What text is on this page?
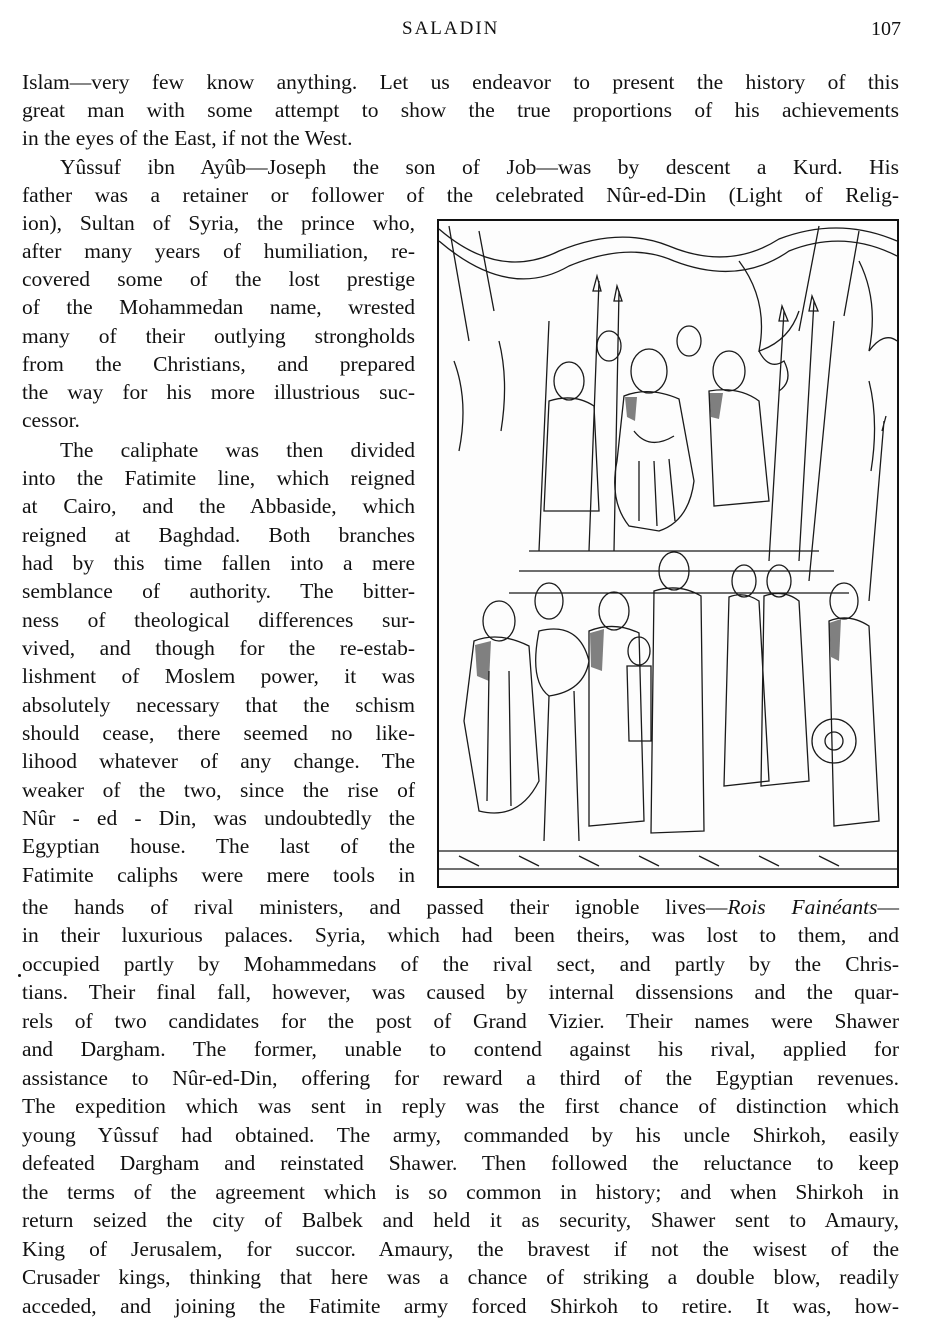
SALADIN	107
Islam—very few know anything. Let us endeavor to present the history of this
great man with some attempt to show the true proportions of his achievements
in the eyes of the East, if not the West.
Yûssuf ibn Ayûb—Joseph the son of Job—was by descent a Kurd. His
father was a retainer or follower of the celebrated Nûr-ed-Din (Light of Relig-
ion), Sultan of Syria, the prince who,
after many years of humiliation, re-
covered some of the lost prestige
of the Mohammedan name, wrested
many of their outlying strongholds
from the Christians, and prepared
the way for his more illustrious suc-
cessor.
The caliphate was then divided
into the Fatimite line, which reigned
at Cairo, and the Abbaside, which
reigned at Baghdad. Both branches
had by this time fallen into a mere
semblance of authority. The bitter-
ness of theological differences sur-
vived, and though for the re-estab-
lishment of Moslem power, it was
absolutely necessary that the schism
should cease, there seemed no like-
lihood whatever of any change. The
weaker of the two, since the rise of
Nûr - ed - Din, was undoubtedly the
Egyptian house. The last of the
Fatimite caliphs were mere tools in
the hands of rival ministers, and passed their ignoble lives—Rois Fainéants—
in their luxurious palaces. Syria, which had been theirs, was lost to them, and
occupied partly by Mohammedans of the rival sect, and partly by the Chris-
tians. Their final fall, however, was caused by internal dissensions and the quar-
rels of two candidates for the post of Grand Vizier. Their names were Shawer
and Dargham. The former, unable to contend against his rival, applied for
assistance to Nûr-ed-Din, offering for reward a third of the Egyptian revenues.
The expedition which was sent in reply was the first chance of distinction which
young Yûssuf had obtained. The army, commanded by his uncle Shirkoh, easily
defeated Dargham and reinstated Shawer. Then followed the reluctance to keep
the terms of the agreement which is so common in history; and when Shirkoh in
return seized the city of Balbek and held it as security, Shawer sent to Amaury,
King of Jerusalem, for succor. Amaury, the bravest if not the wisest of the
Crusader kings, thinking that here was a chance of striking a double blow, readily
acceded, and joining the Fatimite army forced Shirkoh to retire. It was, how-
